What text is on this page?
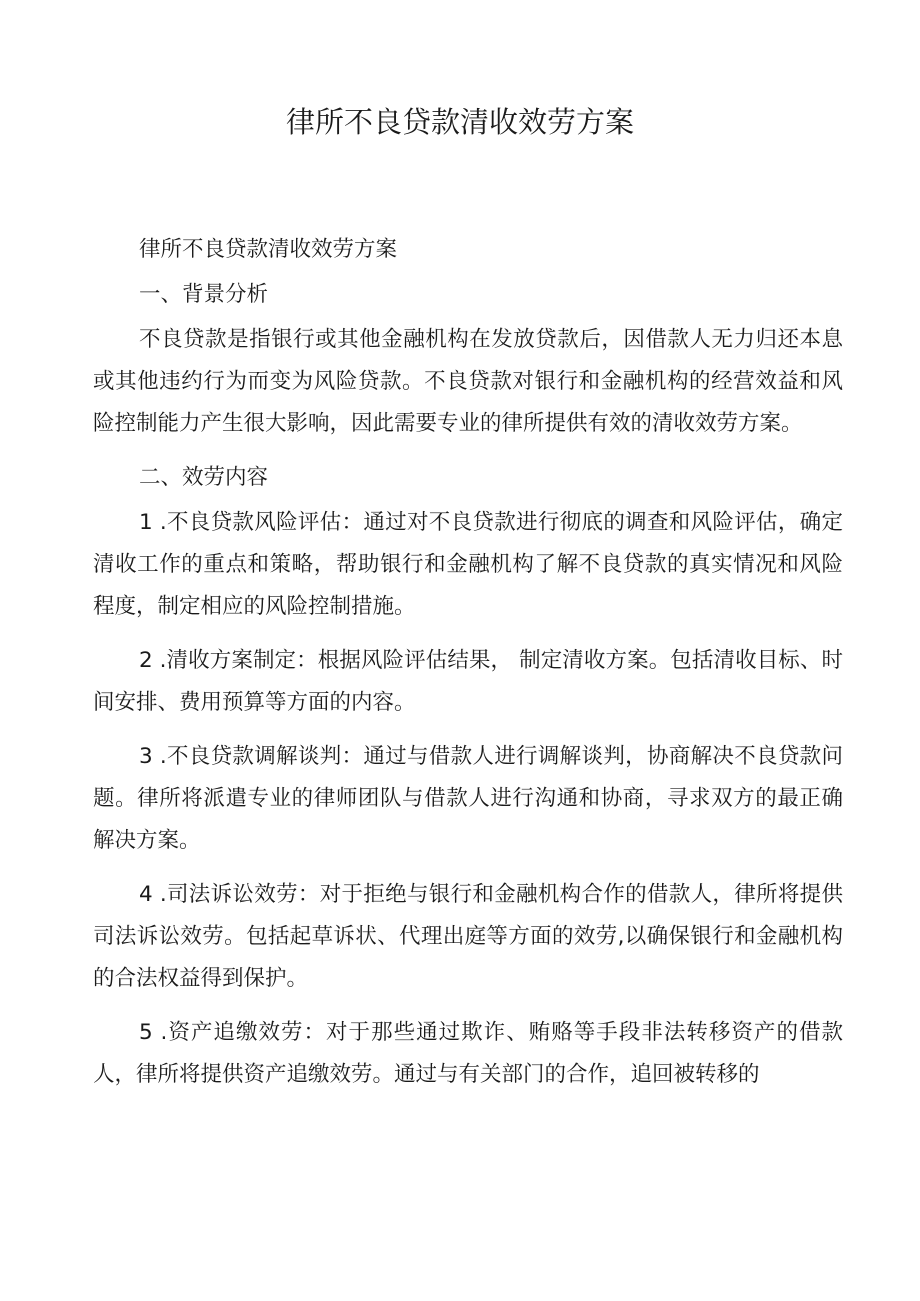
律所不良贷款清收效劳方案

律所不良贷款清收效劳方案

一、背景分析

不良贷款是指银行或其他金融机构在发放贷款后，因借款人无力归还本息或其他违约行为而变为风险贷款。不良贷款对银行和金融机构的经营效益和风险控制能力产生很大影响，因此需要专业的律所提供有效的清收效劳方案。

二、效劳内容

1 .不良贷款风险评估：通过对不良贷款进行彻底的调查和风险评估，确定清收工作的重点和策略，帮助银行和金融机构了解不良贷款的真实情况和风险程度，制定相应的风险控制措施。

2 .清收方案制定：根据风险评估结果， 制定清收方案。包括清收目标、时间安排、费用预算等方面的内容。

3 .不良贷款调解谈判：通过与借款人进行调解谈判，协商解决不良贷款问题。律所将派遣专业的律师团队与借款人进行沟通和协商，寻求双方的最正确解决方案。

4 .司法诉讼效劳：对于拒绝与银行和金融机构合作的借款人，律所将提供司法诉讼效劳。包括起草诉状、代理出庭等方面的效劳,以确保银行和金融机构的合法权益得到保护。

5 .资产追缴效劳：对于那些通过欺诈、贿赂等手段非法转移资产的借款人，律所将提供资产追缴效劳。通过与有关部门的合作，追回被转移的
